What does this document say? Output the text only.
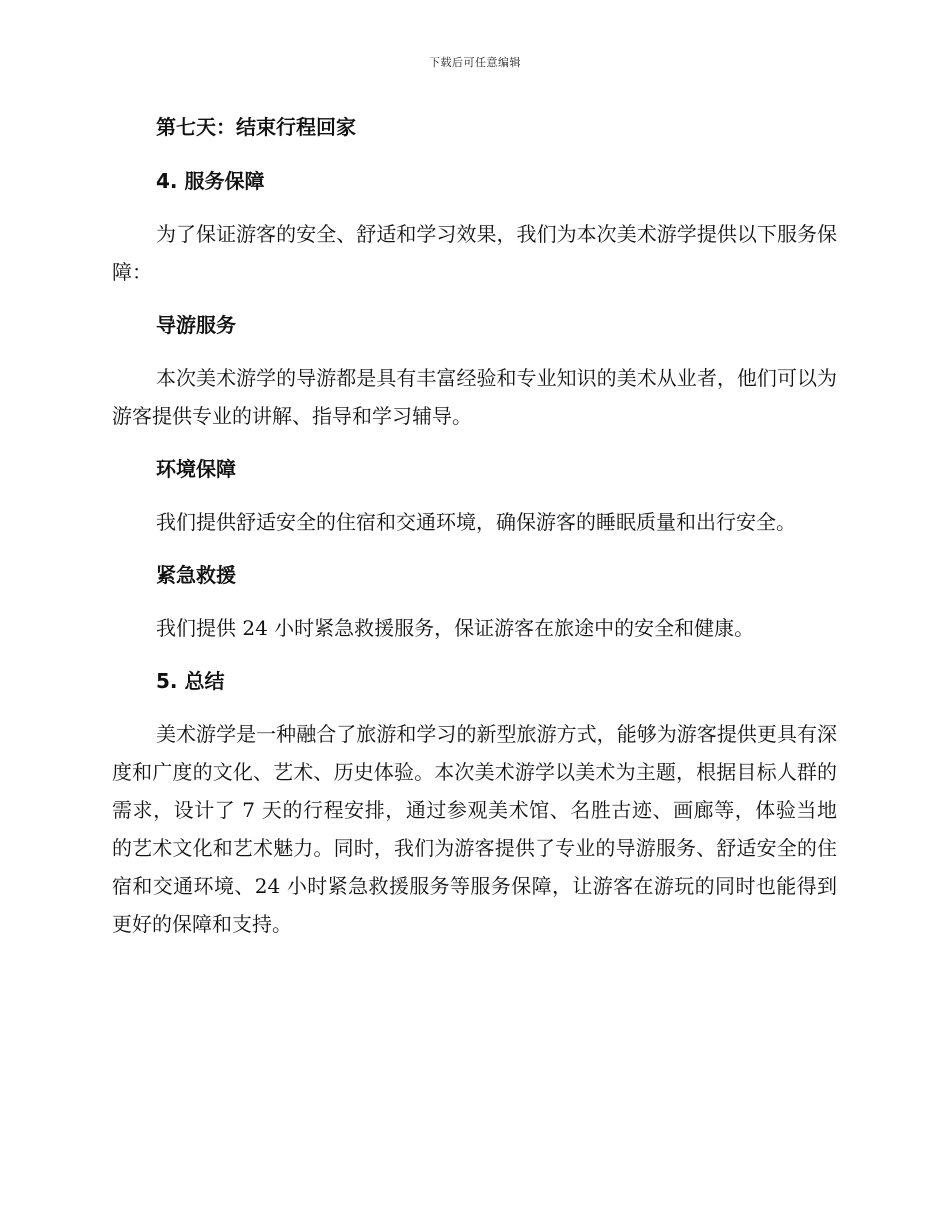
下载后可任意编辑

第七天：结束行程回家

4. 服务保障

为了保证游客的安全、舒适和学习效果，我们为本次美术游学提供以下服务保障：

导游服务

本次美术游学的导游都是具有丰富经验和专业知识的美术从业者，他们可以为游客提供专业的讲解、指导和学习辅导。

环境保障

我们提供舒适安全的住宿和交通环境，确保游客的睡眠质量和出行安全。

紧急救援

我们提供 24 小时紧急救援服务，保证游客在旅途中的安全和健康。

5. 总结

美术游学是一种融合了旅游和学习的新型旅游方式，能够为游客提供更具有深度和广度的文化、艺术、历史体验。本次美术游学以美术为主题，根据目标人群的需求，设计了 7 天的行程安排，通过参观美术馆、名胜古迹、画廊等，体验当地的艺术文化和艺术魅力。同时，我们为游客提供了专业的导游服务、舒适安全的住宿和交通环境、24 小时紧急救援服务等服务保障，让游客在游玩的同时也能得到更好的保障和支持。
